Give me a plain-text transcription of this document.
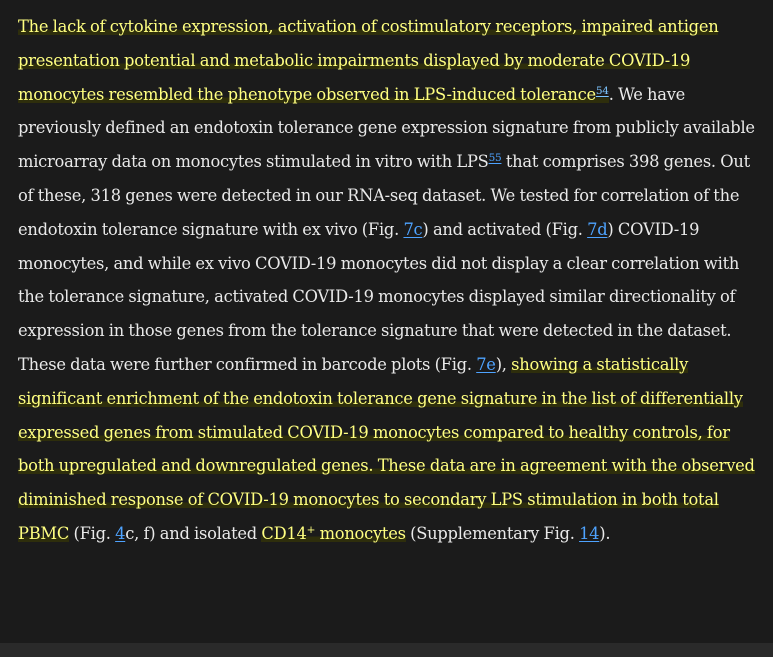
The lack of cytokine expression, activation of costimulatory receptors, impaired antigen presentation potential and metabolic impairments displayed by moderate COVID-19 monocytes resembled the phenotype observed in LPS-induced tolerance$^{54}$. We have previously defined an endotoxin tolerance gene expression signature from publicly available microarray data on monocytes stimulated in vitro with LPS$^{55}$ that comprises 398 genes. Out of these, 318 genes were detected in our RNA-seq dataset. We tested for correlation of the endotoxin tolerance signature with ex vivo (Fig. 7c) and activated (Fig. 7d) COVID-19 monocytes, and while ex vivo COVID-19 monocytes did not display a clear correlation with the tolerance signature, activated COVID-19 monocytes displayed similar directionality of expression in those genes from the tolerance signature that were detected in the dataset. These data were further confirmed in barcode plots (Fig. 7e), showing a statistically significant enrichment of the endotoxin tolerance gene signature in the list of differentially expressed genes from stimulated COVID-19 monocytes compared to healthy controls, for both upregulated and downregulated genes. These data are in agreement with the observed diminished response of COVID-19 monocytes to secondary LPS stimulation in both total PBMC (Fig. 4c, f) and isolated CD14+ monocytes (Supplementary Fig. 14).
